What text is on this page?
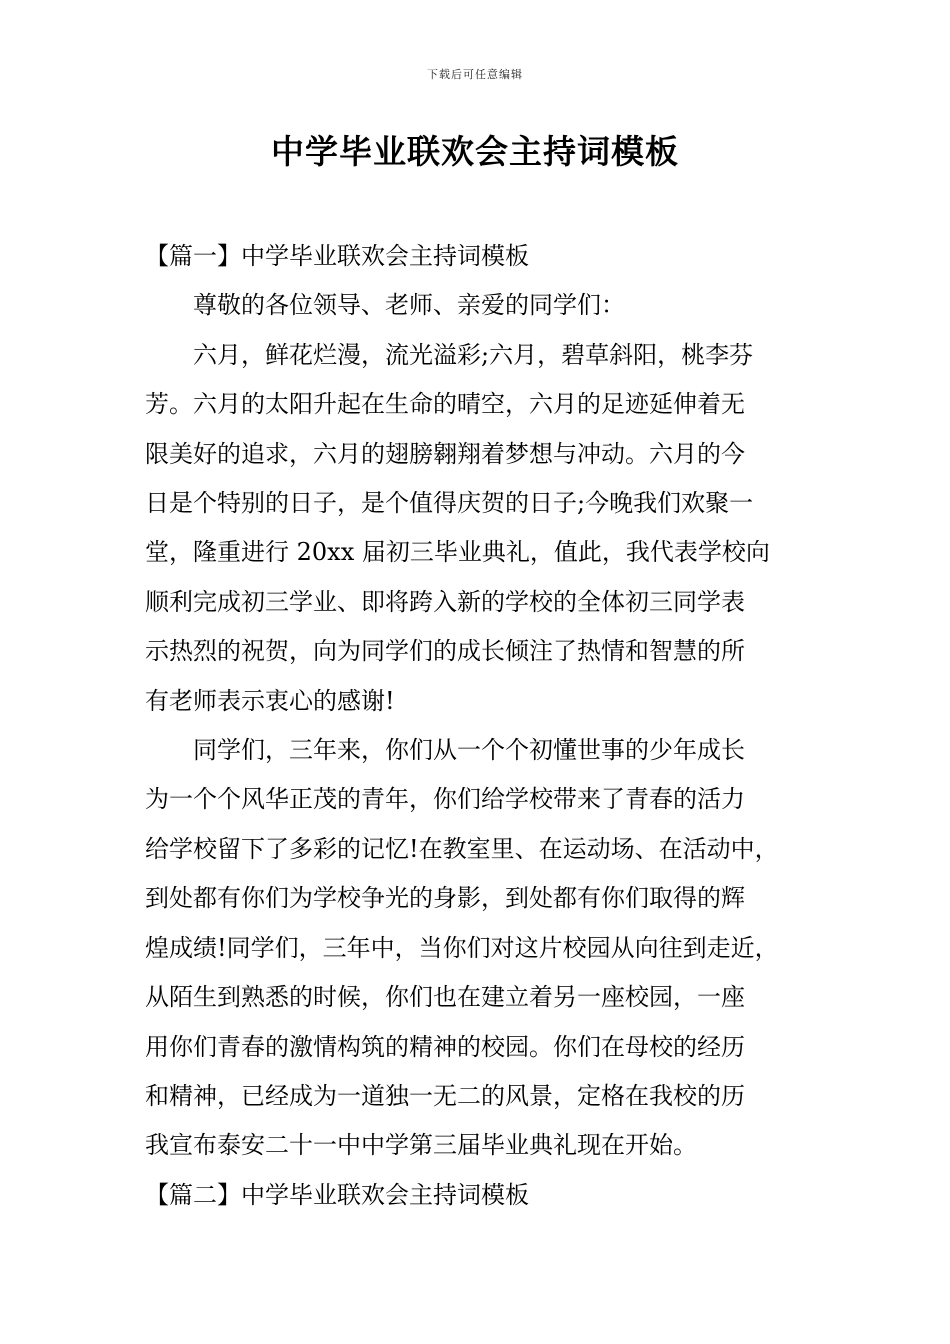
下载后可任意编辑
中学毕业联欢会主持词模板

【篇一】中学毕业联欢会主持词模板

尊敬的各位领导、老师、亲爱的同学们：

六月，鲜花烂漫，流光溢彩;六月，碧草斜阳，桃李芬
芳。六月的太阳升起在生命的晴空，六月的足迹延伸着无
限美好的追求，六月的翅膀翱翔着梦想与冲动。六月的今
日是个特别的日子，是个值得庆贺的日子;今晚我们欢聚一
堂，隆重进行 20xx 届初三毕业典礼，值此，我代表学校向
顺利完成初三学业、即将跨入新的学校的全体初三同学表
示热烈的祝贺，向为同学们的成长倾注了热情和智慧的所
有老师表示衷心的感谢!
同学们，三年来，你们从一个个初懂世事的少年成长
为一个个风华正茂的青年，你们给学校带来了青春的活力
给学校留下了多彩的记忆!在教室里、在运动场、在活动中，
到处都有你们为学校争光的身影，到处都有你们取得的辉
煌成绩!同学们，三年中，当你们对这片校园从向往到走近，
从陌生到熟悉的时候，你们也在建立着另一座校园，一座
用你们青春的激情构筑的精神的校园。你们在母校的经历
和精神，已经成为一道独一无二的风景，定格在我校的历
我宣布泰安二十一中中学第三届毕业典礼现在开始。

【篇二】中学毕业联欢会主持词模板
